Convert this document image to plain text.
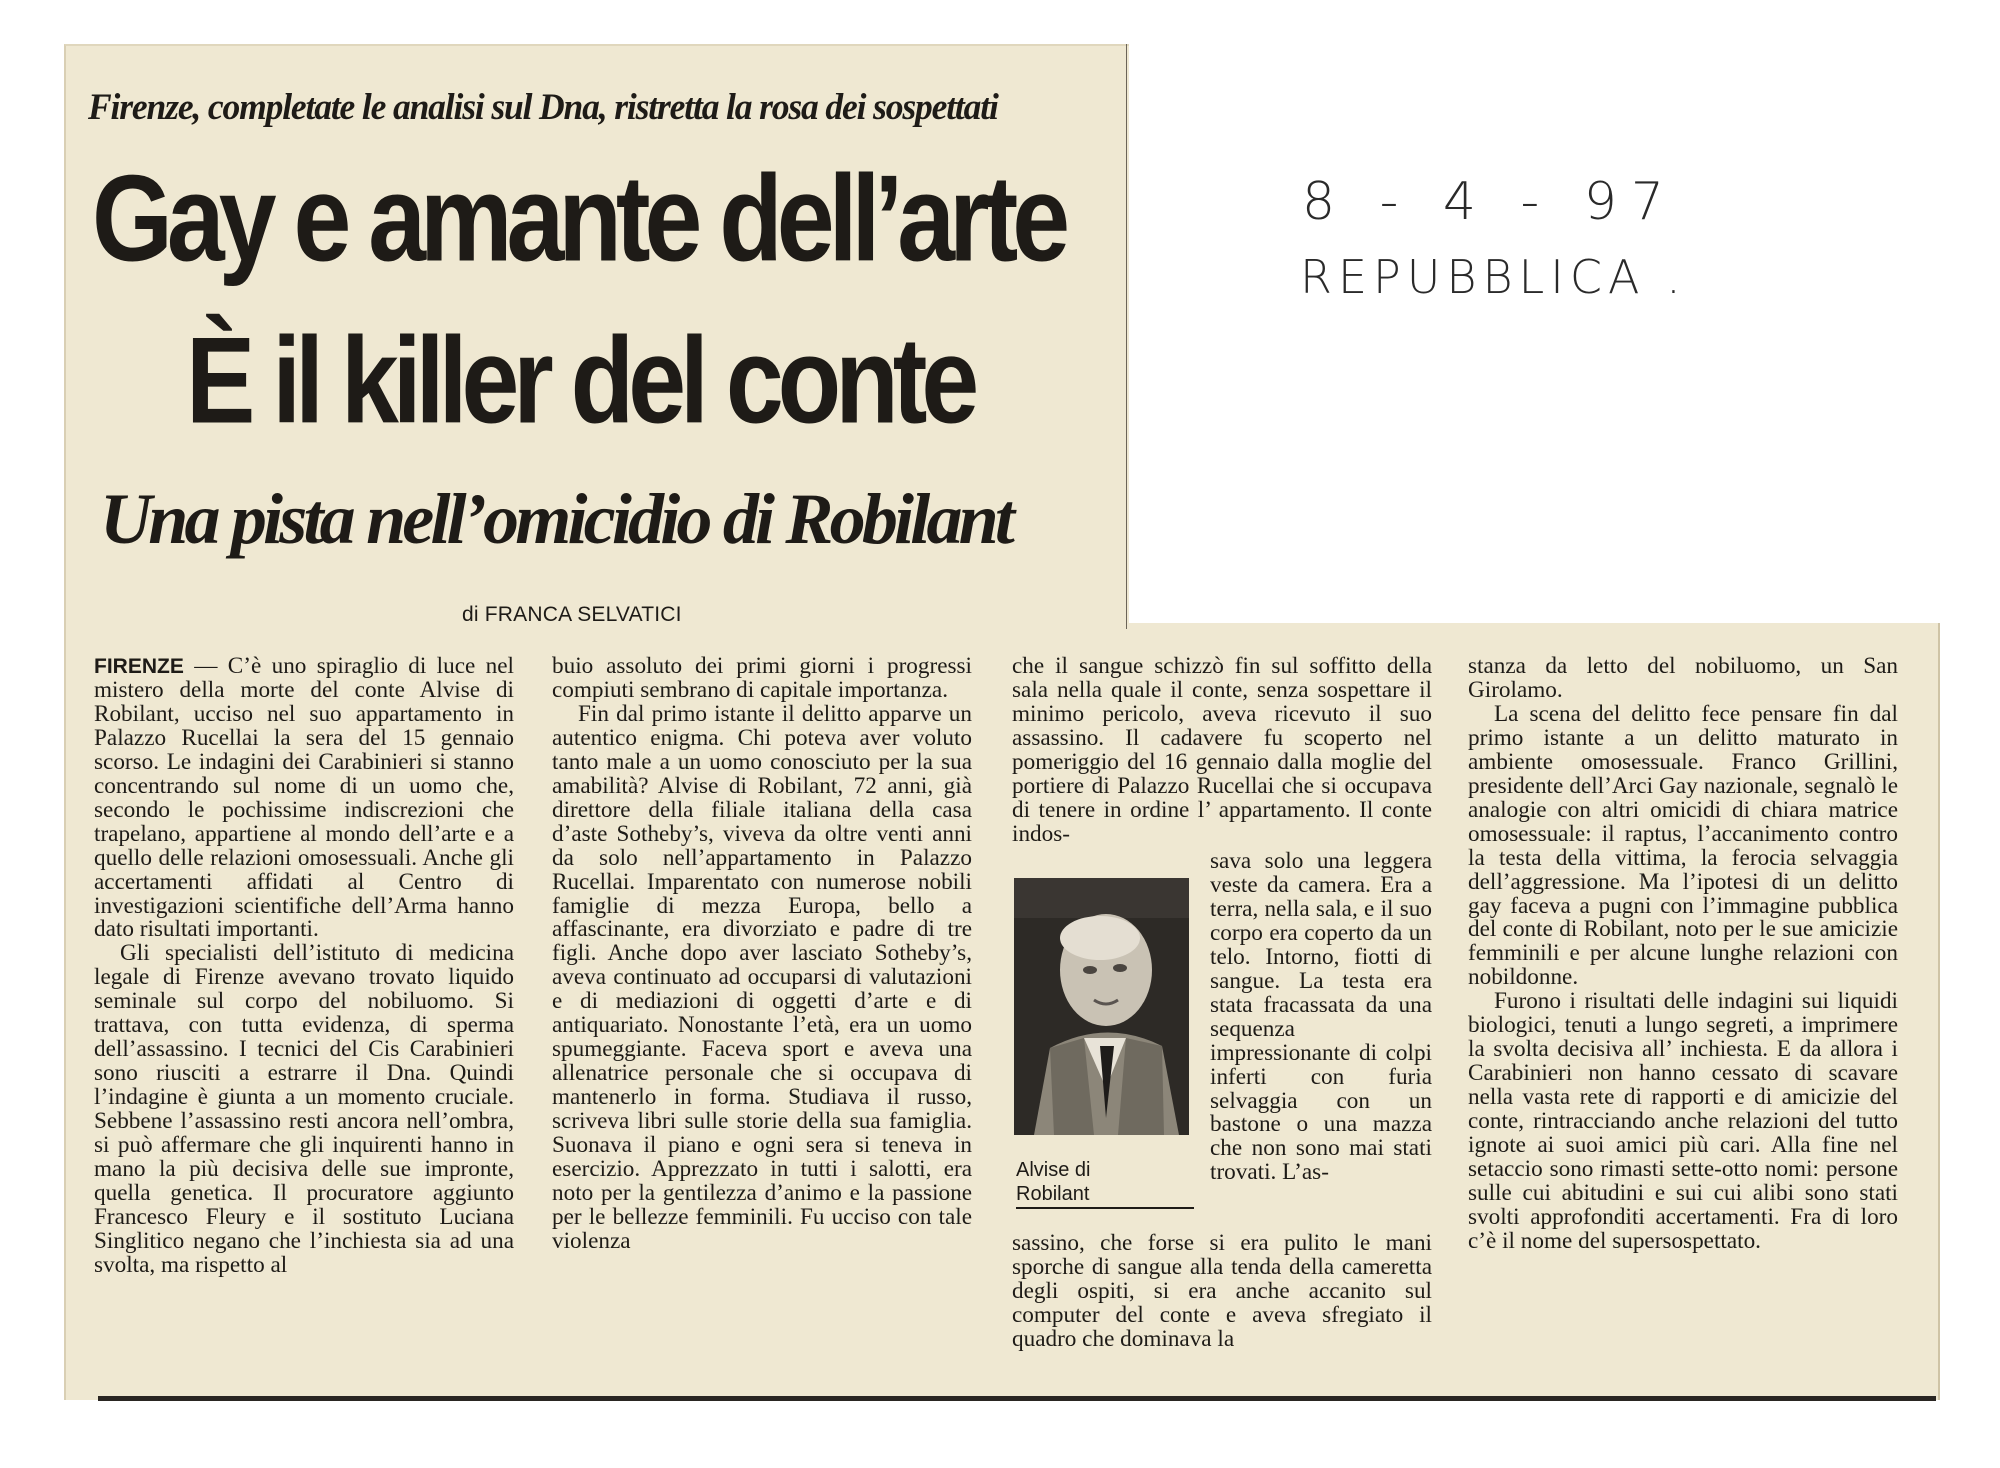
Firenze, completate le analisi sul Dna, ristretta la rosa dei sospettati
Gay e amante dell’arte
È il killer del conte
Una pista nell’omicidio di Robilant
di FRANCA SELVATICI

FIRENZE — C’è uno spiraglio di luce nel mistero della morte del conte Alvise di Robilant, ucciso nel suo appartamento in Palazzo Rucellai la sera del 15 gennaio scorso. Le indagini dei Carabinieri si stanno concentrando sul nome di un uomo che, secondo le pochissime indiscrezioni che trapelano, appartiene al mondo dell’arte e a quello delle relazioni omosessuali. Anche gli accertamenti affidati al Centro di investigazioni scientifiche dell’Arma hanno dato risultati importanti.

Gli specialisti dell’istituto di medicina legale di Firenze avevano trovato liquido seminale sul corpo del nobiluomo. Si trattava, con tutta evidenza, di sperma dell’assassino. I tecnici del Cis Carabinieri sono riusciti a estrarre il Dna. Quindi l’indagine è giunta a un momento cruciale. Sebbene l’assassino resti ancora nell’ombra, si può affermare che gli inquirenti hanno in mano la più decisiva delle sue impronte, quella genetica. Il procuratore aggiunto Francesco Fleury e il sostituto Luciana Singlitico negano che l’inchiesta sia ad una svolta, ma rispetto al

buio assoluto dei primi giorni i progressi compiuti sembrano di capitale importanza.

Fin dal primo istante il delitto apparve un autentico enigma. Chi poteva aver voluto tanto male a un uomo conosciuto per la sua amabilità? Alvise di Robilant, 72 anni, già direttore della filiale italiana della casa d’aste Sotheby’s, viveva da oltre venti anni da solo nell’appartamento in Palazzo Rucellai. Imparentato con numerose nobili famiglie di mezza Europa, bello a affascinante, era divorziato e padre di tre figli. Anche dopo aver lasciato Sotheby’s, aveva continuato ad occuparsi di valutazioni e di mediazioni di oggetti d’arte e di antiquariato. Nonostante l’età, era un uomo spumeggiante. Faceva sport e aveva una allenatrice personale che si occupava di mantenerlo in forma. Studiava il russo, scriveva libri sulle storie della sua famiglia. Suonava il piano e ogni sera si teneva in esercizio. Apprezzato in tutti i salotti, era noto per la gentilezza d’animo e la passione per le bellezze femminili. Fu ucciso con tale violenza

che il sangue schizzò fin sul soffitto della sala nella quale il conte, senza sospettare il minimo pericolo, aveva ricevuto il suo assassino. Il cadavere fu scoperto nel pomeriggio del 16 gennaio dalla moglie del portiere di Palazzo Rucellai che si occupava di tenere in ordine l’ appartamento. Il conte indos-

Alvise di Robilant
sava solo una leggera veste da camera. Era a terra, nella sala, e il suo corpo era coperto da un telo. Intorno, fiotti di sangue. La testa era stata fracassata da una sequenza impressionante di colpi inferti con furia selvaggia con un bastone o una mazza che non sono mai stati trovati. L’as-
sassino, che forse si era pulito le mani sporche di sangue alla tenda della cameretta degli ospiti, si era anche accanito sul computer del conte e aveva sfregiato il quadro che dominava la

stanza da letto del nobiluomo, un San Girolamo.

La scena del delitto fece pensare fin dal primo istante a un delitto maturato in ambiente omosessuale. Franco Grillini, presidente dell’Arci Gay nazionale, segnalò le analogie con altri omicidi di chiara matrice omosessuale: il raptus, l’accanimento contro la testa della vittima, la ferocia selvaggia dell’aggressione. Ma l’ipotesi di un delitto gay faceva a pugni con l’immagine pubblica del conte di Robilant, noto per le sue amicizie femminili e per alcune lunghe relazioni con nobildonne.

Furono i risultati delle indagini sui liquidi biologici, tenuti a lungo segreti, a imprimere la svolta decisiva all’ inchiesta. E da allora i Carabinieri non hanno cessato di scavare nella vasta rete di rapporti e di amicizie del conte, rintracciando anche relazioni del tutto ignote ai suoi amici più cari. Alla fine nel setaccio sono rimasti sette-otto nomi: persone sulle cui abitudini e sui cui alibi sono stati svolti approfonditi accertamenti. Fra di loro c’è il nome del supersospettato.

8 - 4 - 97
REPUBBLICA .
